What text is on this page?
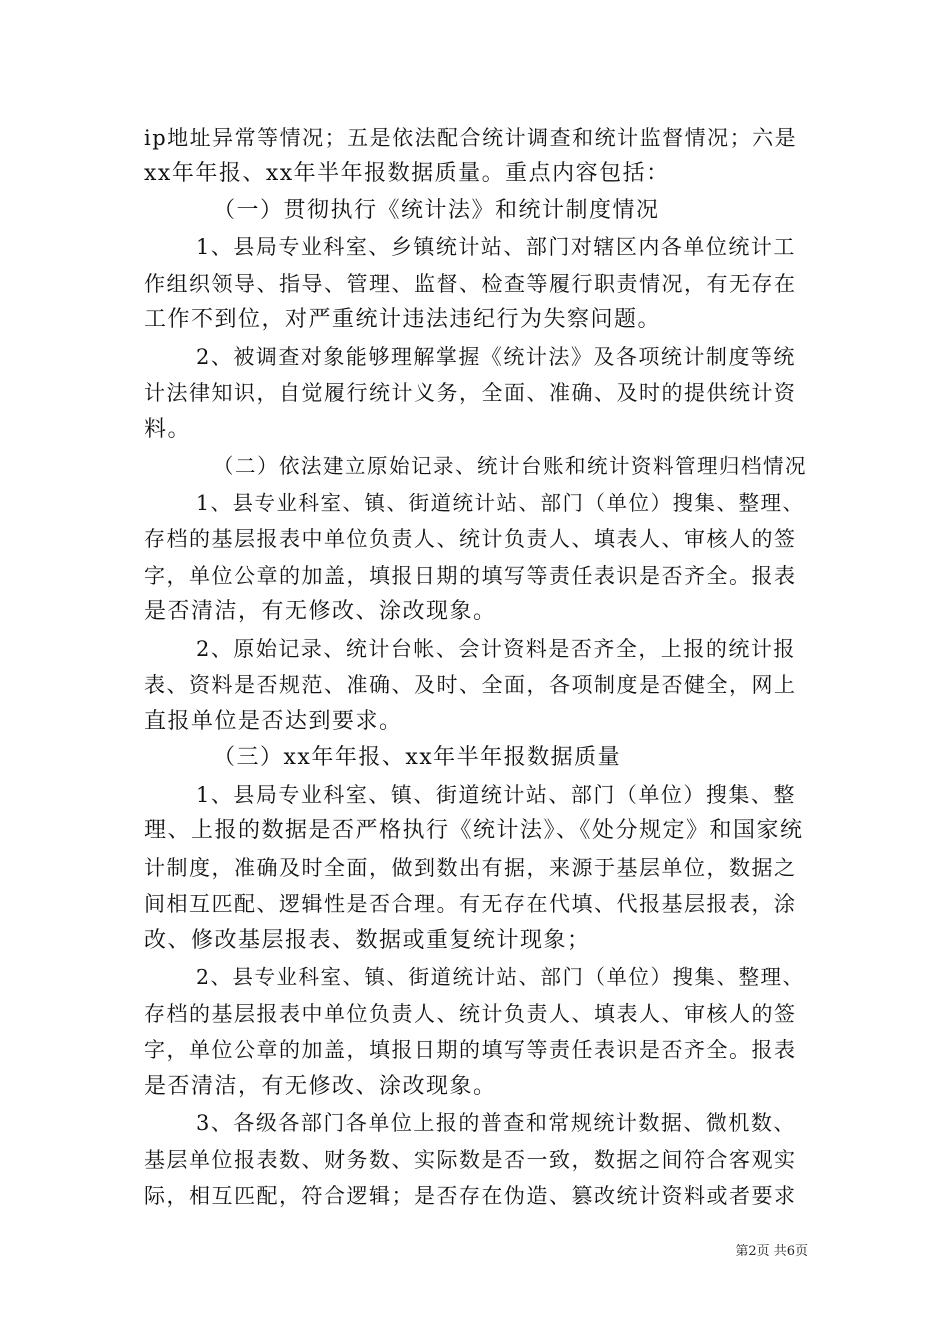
ip地址异常等情况；五是依法配合统计调查和统计监督情况；六是
xx年年报、xx年半年报数据质量。重点内容包括：
（一）贯彻执行《统计法》和统计制度情况
1、县局专业科室、乡镇统计站、部门对辖区内各单位统计工
作组织领导、指导、管理、监督、检查等履行职责情况，有无存在
工作不到位，对严重统计违法违纪行为失察问题。
2、被调查对象能够理解掌握《统计法》及各项统计制度等统
计法律知识，自觉履行统计义务，全面、准确、及时的提供统计资
料。
（二）依法建立原始记录、统计台账和统计资料管理归档情况
1、县专业科室、镇、街道统计站、部门（单位）搜集、整理、
存档的基层报表中单位负责人、统计负责人、填表人、审核人的签
字，单位公章的加盖，填报日期的填写等责任表识是否齐全。报表
是否清洁，有无修改、涂改现象。
2、原始记录、统计台帐、会计资料是否齐全，上报的统计报
表、资料是否规范、准确、及时、全面，各项制度是否健全，网上
直报单位是否达到要求。
（三）xx年年报、xx年半年报数据质量
1、县局专业科室、镇、街道统计站、部门（单位）搜集、整
理、上报的数据是否严格执行《统计法》、《处分规定》和国家统
计制度，准确及时全面，做到数出有据，来源于基层单位，数据之
间相互匹配、逻辑性是否合理。有无存在代填、代报基层报表，涂
改、修改基层报表、数据或重复统计现象；
2、县专业科室、镇、街道统计站、部门（单位）搜集、整理、
存档的基层报表中单位负责人、统计负责人、填表人、审核人的签
字，单位公章的加盖，填报日期的填写等责任表识是否齐全。报表
是否清洁，有无修改、涂改现象。
3、各级各部门各单位上报的普查和常规统计数据、微机数、
基层单位报表数、财务数、实际数是否一致，数据之间符合客观实
际，相互匹配，符合逻辑；是否存在伪造、篡改统计资料或者要求
第2页 共6页
